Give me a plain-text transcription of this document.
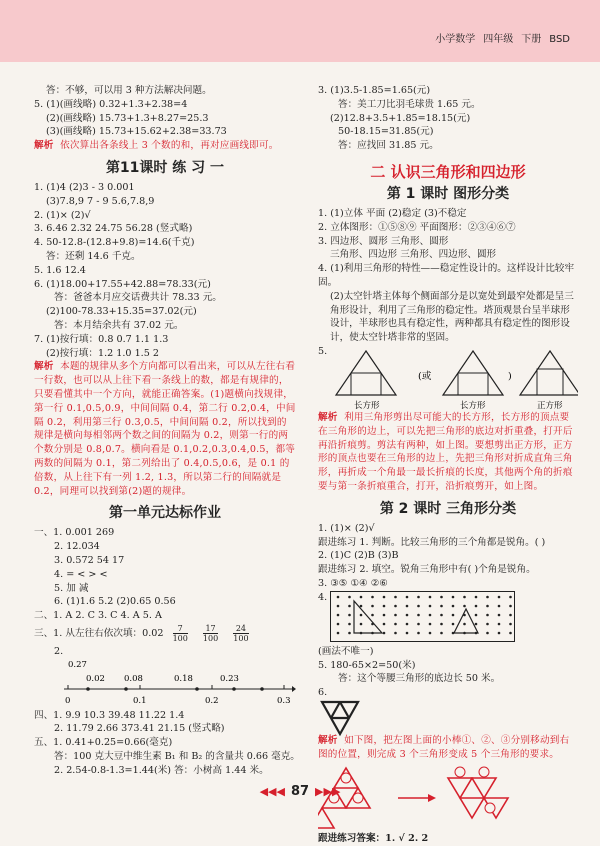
小学数学 四年级 下册 BSD
答：不够，可以用 3 种方法解决问题。
5. (1)(画线略) 0.32+1.3+2.38=4
(2)(画线略) 15.73+1.3+8.27=25.3
(3)(画线略) 15.73+15.62+2.38=33.73
解析 依次算出各条线上 3 个数的和，再对应画线即可。
第11课时 练 习 一
1. (1)4 (2)3 - 3 0.001
(3)7.8,9 7 - 9 5.6,7.8,9
2. (1)× (2)√
3. 6.46 2.32 24.75 56.28 (竖式略)
4. 50-12.8-(12.8+9.8)=14.6(千克)
答：还剩 14.6 千克。
5. 1.6 12.4
6. (1)18.00+17.55+42.88=78.33(元)
答：爸爸本月应交话费共计 78.33 元。
(2)100-78.33+15.35=37.02(元)
答：本月结余共有 37.02 元。
7. (1)按行填：0.8 0.7 1.1 1.3
(2)按行填：1.2 1.0 1.5 2
解析 本题的规律从多个方向都可以看出来，可以从左往右看一行数，也可以从上往下看一条线上的数，都是有规律的，只要看懂其中一个方向，就能正确答案。(1)题横向找规律，第一行 0.1,0.5,0.9，中间间隔 0.4，第二行 0.2,0.4，中间隔 0.2，利用第三行 0.3,0.5，中间间隔 0.2，所以找到的规律是横向每相邻两个数之间的间隔为 0.2，则第一行的两个数分别是 0.8,0.7。横向看是 0.1,0.2,0.3,0.4,0.5，都等两数的间隔为 0.1，第二列给出了 0.4,0.5,0.6，是 0.1 的倍数，从上往下有一列 1.2, 1.3，所以第二行的间隔就是 0.2，同理可以找到第(2)题的规律。
第一单元达标作业
一、1. 0.001 269
2. 12.034
3. 0.572 54 17
4. = < > <
5. 加 减
6. (1)1.6 5.2 (2)0.65 0.56
二、1. A 2. C 3. C 4. A 5. A
三、1. 从左往右依次填：$0.02 \frac{7}{100} \frac{17}{100} \frac{24}{100}$
2.
0.27
0.02 0.08	0.18	0.23
0	0.1	0.2	0.3
四、1. 9.9 10.3 39.48 11.22 1.4
2. 11.79 2.66 373.41 21.15 (竖式略)
五、1. 0.41+0.25=0.66(毫克)
答：100 克大豆中维生素 B₁ 和 B₂ 的含量共 0.66 毫克。
2. 2.54-0.8-1.3=1.44(米) 答：小树高 1.44 米。
3. (1)3.5-1.85=1.65(元)
答：美工刀比羽毛球贵 1.65 元。
(2)12.8+3.5+1.85=18.15(元)
50-18.15=31.85(元)
答：应找回 31.85 元。
二 认识三角形和四边形
第 1 课时 图形分类
1. (1)立体 平面 (2)稳定 (3)不稳定
2. 立体图形：①⑤⑧⑨ 平面图形：②③④⑥⑦
3. 四边形、圆形 三角形、圆形
三角形、四边形 三角形、四边形、圆形
4. (1)利用三角形的特性——稳定性设计的。这样设计比较牢固。
(2)太空针塔主体每个侧面部分是以宽处到最窄处都是呈三角形设计，利用了三角形的稳定性。塔顶观景台呈半球形设计，半球形也具有稳定性，两种都具有稳定性的图形设计，使太空针塔非常的坚固。
5.
(或	)
长方形	长方形	正方形
解析 利用三角形剪出尽可能大的长方形，长方形的顶点要在三角形的边上，可以先把三角形的底边对折重叠，打开后再沿折痕剪。剪法有两种，如上图。要想剪出正方形，正方形的顶点也要在三角形的边上，先把三角形对折成直角三角形，再折成一个角最一最长折痕的长度，其他两个角的折痕要与第一条折痕重合，打开，沿折痕剪开，如上图。
第 2 课时 三角形分类
1. (1)× (2)√
跟进练习 1. 判断。比较三角形的三个角都是锐角。( )
2. (1)C (2)B (3)B
跟进练习 2. 填空。锐角三角形中有( )个角是锐角。
3. ③⑤ ①④ ②⑥
4.
(画法不唯一)
5. 180-65×2=50(米)
答：这个等腰三角形的底边长 50 米。
6.
解析 如下图，把左图上面的小棒①、②、③分别移动到右图的位置，则完成 3 个三角形变成 5 个三角形的要求。
跟进练习答案：1. √ 2. 2
◀◀◀ 87 ▶▶▶
